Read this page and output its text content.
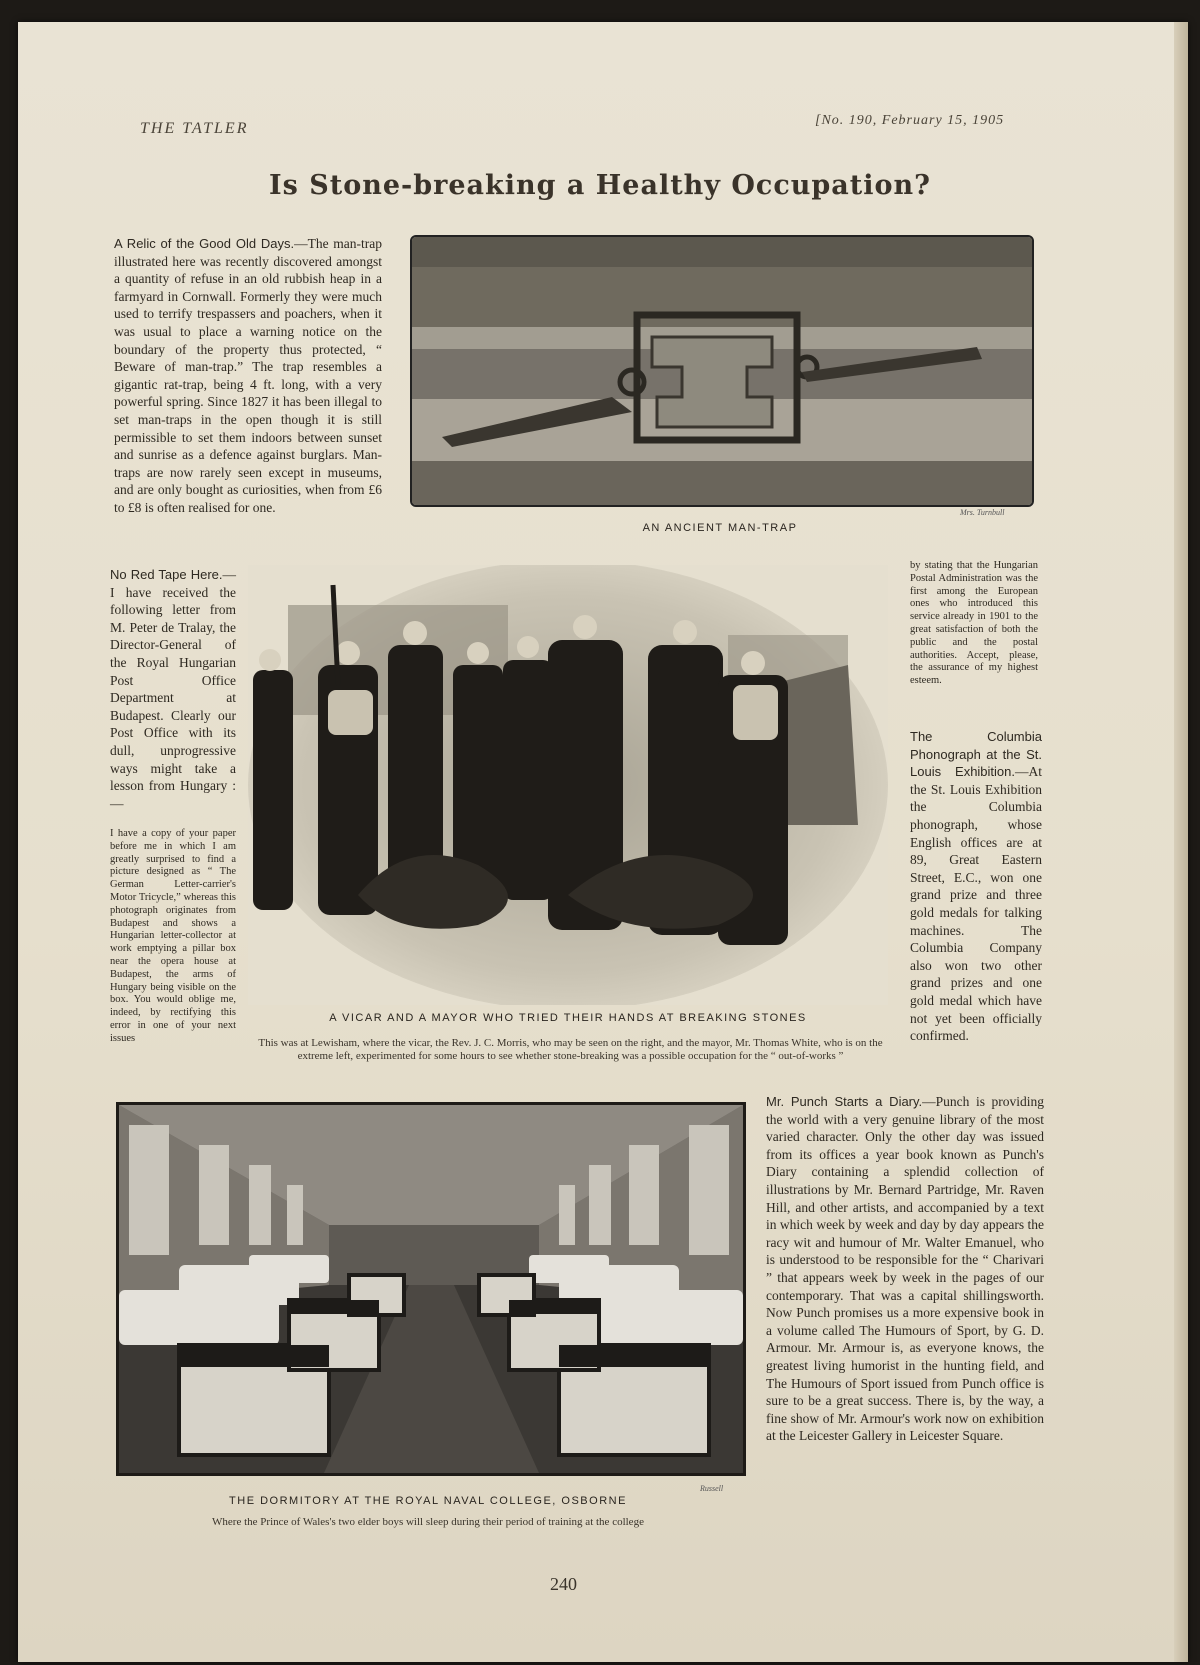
THE TATLER	[No. 190, February 15, 1905
Is Stone-breaking a Healthy Occupation?
A Relic of the Good Old Days.—The man-trap illustrated here was recently discovered amongst a quantity of refuse in an old rubbish heap in a farmyard in Cornwall. Formerly they were much used to terrify trespassers and poachers, when it was usual to place a warning notice on the boundary of the property thus protected, “ Beware of man-trap.” The trap resembles a gigantic rat-trap, being 4 ft. long, with a very powerful spring. Since 1827 it has been illegal to set man-traps in the open though it is still permissible to set them indoors between sunset and sunrise as a defence against burglars. Man-traps are now rarely seen except in museums, and are only bought as curiosities, when from £6 to £8 is often realised for one.
AN ANCIENT MAN-TRAP
Mrs. Turnbull
No Red Tape Here.—I have received the following letter from M. Peter de Tralay, the Director-General of the Royal Hungarian Post Office Department at Budapest. Clearly our Post Office with its dull, unprogressive ways might take a lesson from Hungary :—
I have a copy of your paper before me in which I am greatly surprised to find a picture designed as “ The German Letter-carrier's Motor Tricycle,” whereas this photograph originates from Budapest and shows a Hungarian letter-collector at work emptying a pillar box near the opera house at Budapest, the arms of Hungary being visible on the box. You would oblige me, indeed, by rectifying this error in one of your next issues
A VICAR AND A MAYOR WHO TRIED THEIR HANDS AT BREAKING STONES
This was at Lewisham, where the vicar, the Rev. J. C. Morris, who may be seen on the right, and the mayor, Mr. Thomas White, who is on the extreme left, experimented for some hours to see whether stone-breaking was a possible occupation for the “ out-of-works ”
by stating that the Hungarian Postal Administration was the first among the European ones who introduced this service already in 1901 to the great satisfaction of both the public and the postal authorities. Accept, please, the assurance of my highest esteem.
The Columbia Phonograph at the St. Louis Exhibition.—At the St. Louis Exhibition the Columbia phonograph, whose English offices are at 89, Great Eastern Street, E.C., won one grand prize and three gold medals for talking machines. The Columbia Company also won two other grand prizes and one gold medal which have not yet been officially confirmed.
Russell
THE DORMITORY AT THE ROYAL NAVAL COLLEGE, OSBORNE
Where the Prince of Wales's two elder boys will sleep during their period of training at the college
Mr. Punch Starts a Diary.—Punch is providing the world with a very genuine library of the most varied character. Only the other day was issued from its offices a year book known as Punch's Diary containing a splendid collection of illustrations by Mr. Bernard Partridge, Mr. Raven Hill, and other artists, and accompanied by a text in which week by week and day by day appears the racy wit and humour of Mr. Walter Emanuel, who is understood to be responsible for the “ Charivari ” that appears week by week in the pages of our contemporary. That was a capital shillingsworth. Now Punch promises us a more expensive book in a volume called The Humours of Sport, by G. D. Armour. Mr. Armour is, as everyone knows, the greatest living humorist in the hunting field, and The Humours of Sport issued from Punch office is sure to be a great success. There is, by the way, a fine show of Mr. Armour's work now on exhibition at the Leicester Gallery in Leicester Square.
240
